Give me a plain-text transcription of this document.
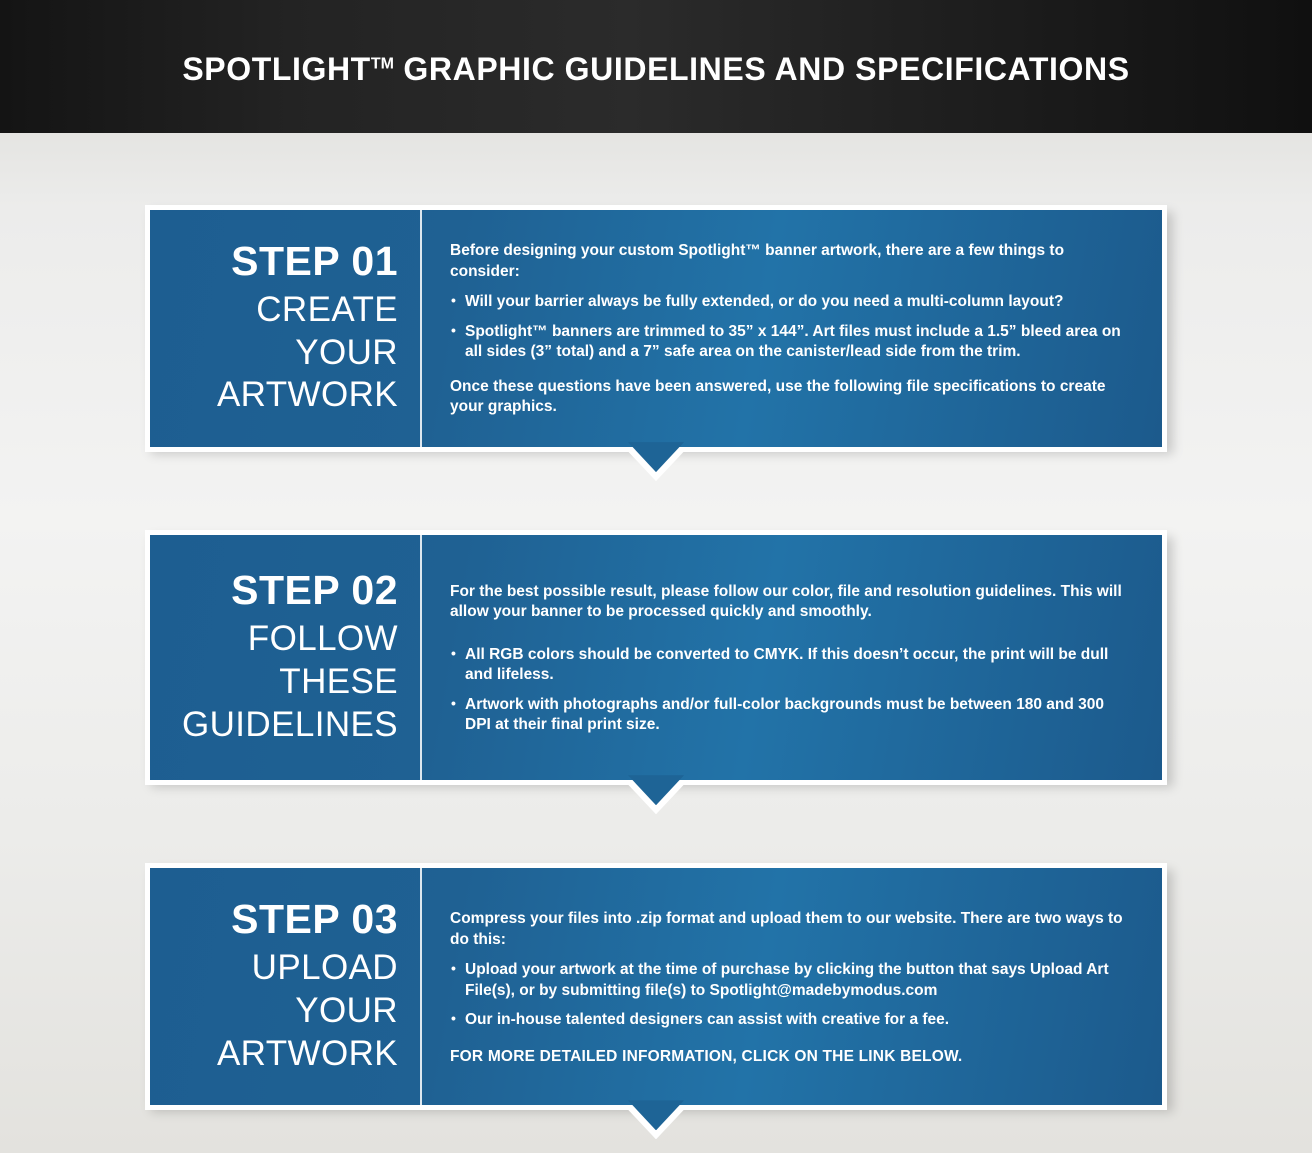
SPOTLIGHT™ GRAPHIC GUIDELINES AND SPECIFICATIONS
STEP 01
CREATE YOUR ARTWORK
Before designing your custom Spotlight™ banner artwork, there are a few things to consider:
• Will your barrier always be fully extended, or do you need a multi-column layout?
• Spotlight™ banners are trimmed to 35” x 144”. Art files must include a 1.5” bleed area on all sides (3” total) and a 7” safe area on the canister/lead side from the trim.
Once these questions have been answered, use the following file specifications to create your graphics.
STEP 02
FOLLOW THESE GUIDELINES
For the best possible result, please follow our color, file and resolution guidelines. This will allow your banner to be processed quickly and smoothly.
• All RGB colors should be converted to CMYK. If this doesn’t occur, the print will be dull and lifeless.
• Artwork with photographs and/or full-color backgrounds must be between 180 and 300 DPI at their final print size.
STEP 03
UPLOAD YOUR ARTWORK
Compress your files into .zip format and upload them to our website. There are two ways to do this:
• Upload your artwork at the time of purchase by clicking the button that says Upload Art File(s), or by submitting file(s) to Spotlight@madebymodus.com
• Our in-house talented designers can assist with creative for a fee.
FOR MORE DETAILED INFORMATION, CLICK ON THE LINK BELOW.
